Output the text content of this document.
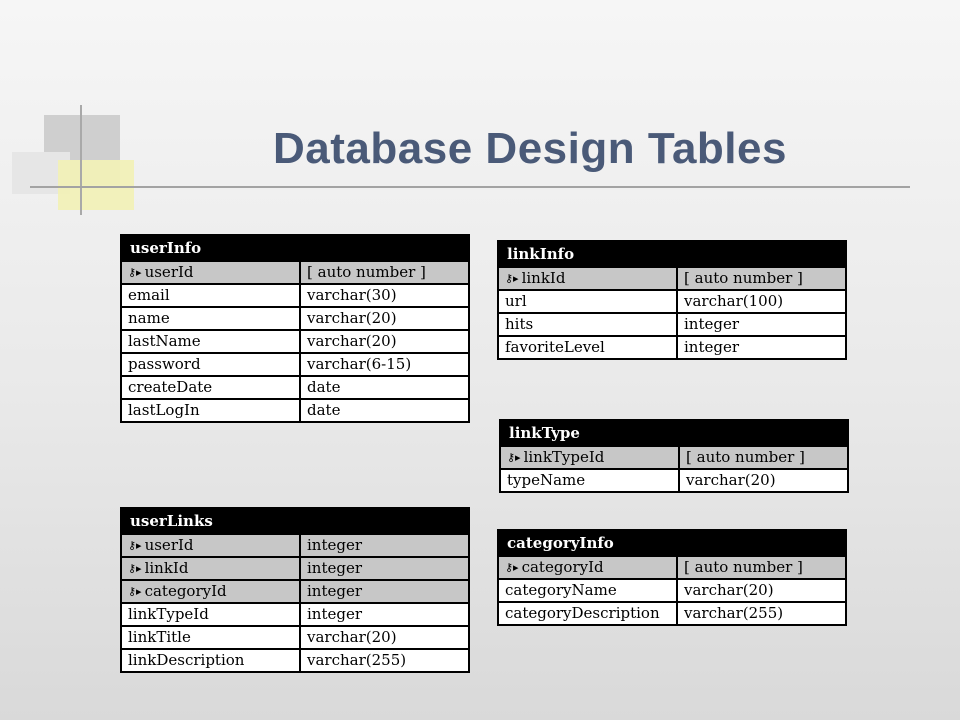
Database Design Tables
userInfo	
⚷▸ userId	[ auto number ]
email	varchar(30)
name	varchar(20)
lastName	varchar(20)
password	varchar(6-15)
createDate	date
lastLogIn	date
linkInfo	
⚷▸ linkId	[ auto number ]
url	varchar(100)
hits	integer
favoriteLevel	integer
linkType	
⚷▸ linkTypeId	[ auto number ]
typeName	varchar(20)
userLinks	
⚷▸ userId	integer
⚷▸ linkId	integer
⚷▸ categoryId	integer
linkTypeId	integer
linkTitle	varchar(20)
linkDescription	varchar(255)
categoryInfo	
⚷▸ categoryId	[ auto number ]
categoryName	varchar(20)
categoryDescription	varchar(255)
